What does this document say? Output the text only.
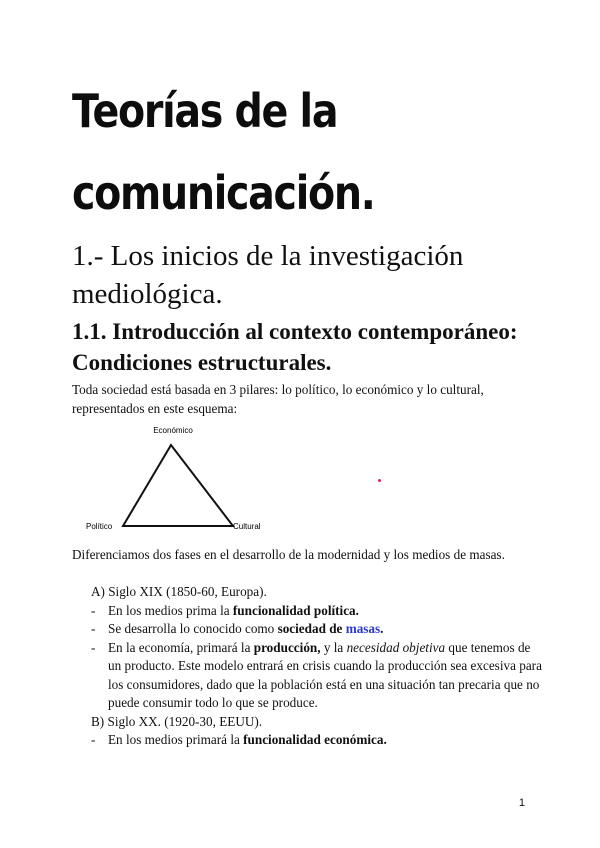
Teorías de la
comunicación.
1.- Los inicios de la investigación mediológica.
1.1. Introducción al contexto contemporáneo: Condiciones estructurales.

Toda sociedad está basada en 3 pilares: lo político, lo económico y lo cultural, representados en este esquema:

Económico
Político	Cultural

Diferenciamos dos fases en el desarrollo de la modernidad y los medios de masas.

A) Siglo XIX (1850-60, Europa).
- En los medios prima la funcionalidad política.
- Se desarrolla lo conocido como sociedad de masas.
- En la economía, primará la producción, y la necesidad objetiva que tenemos de un producto. Este modelo entrará en crisis cuando la producción sea excesiva para los consumidores, dado que la población está en una situación tan precaria que no puede consumir todo lo que se produce.
B) Siglo XX. (1920-30, EEUU).
- En los medios primará la funcionalidad económica.
1
